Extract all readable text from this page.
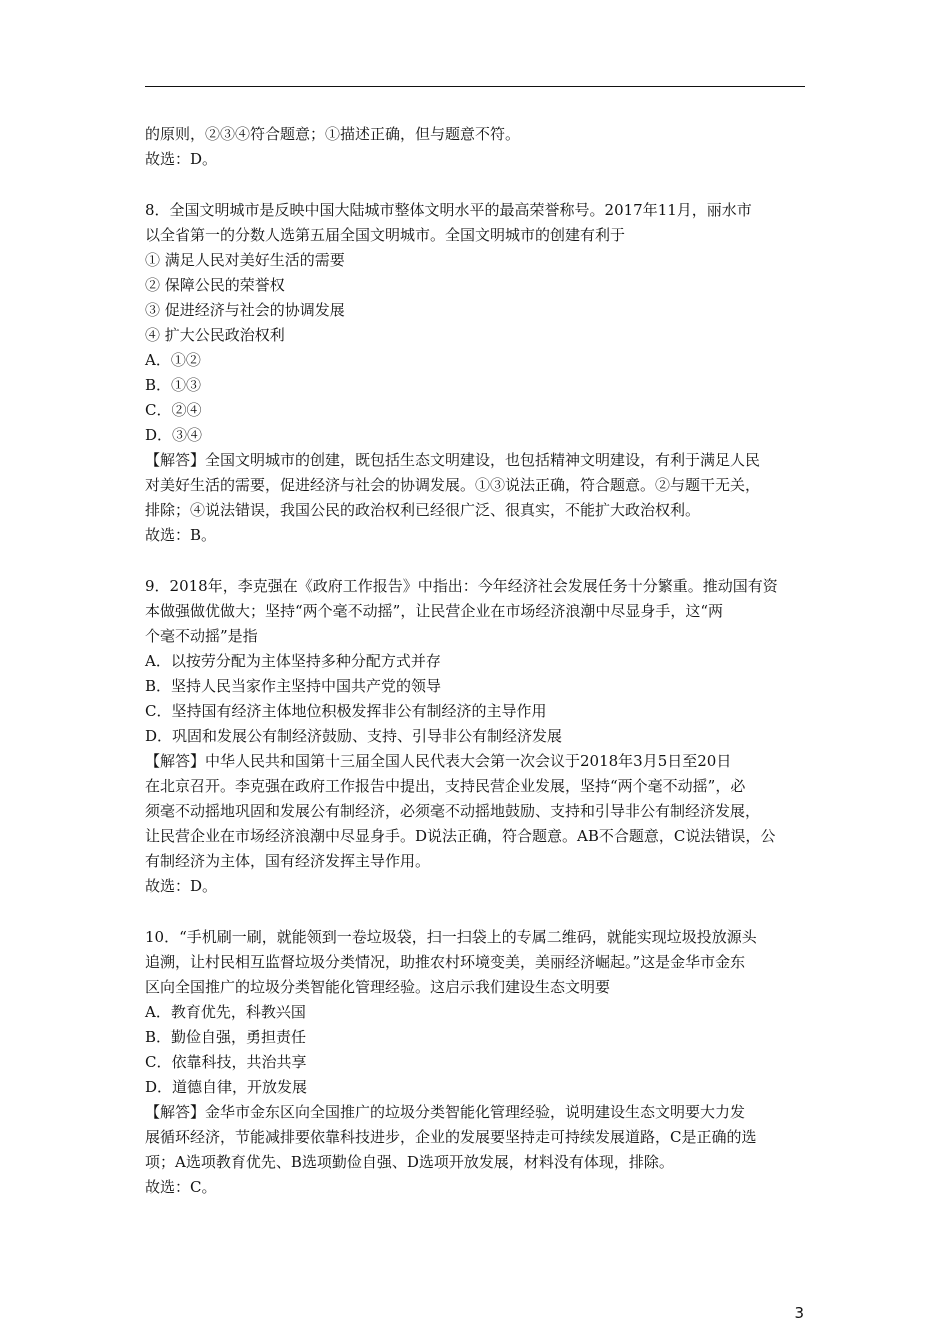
的原则，②③④符合题意；①描述正确，但与题意不符。
故选：D。
8．全国文明城市是反映中国大陆城市整体文明水平的最高荣誉称号。2017年11月，丽水市
以全省第一的分数人选第五届全国文明城市。全国文明城市的创建有利于
① 满足人民对美好生活的需要
② 保障公民的荣誉权
③ 促进经济与社会的协调发展
④ 扩大公民政治权利
A．①②
B．①③
C．②④
D．③④
【解答】全国文明城市的创建，既包括生态文明建设，也包括精神文明建设，有利于满足人民
对美好生活的需要，促进经济与社会的协调发展。①③说法正确，符合题意。②与题干无关，
排除；④说法错误，我国公民的政治权利已经很广泛、很真实，不能扩大政治权利。
故选：B。
9．2018年，李克强在《政府工作报告》中指出：今年经济社会发展任务十分繁重。推动国有资
本做强做优做大；坚持“两个毫不动摇”，让民营企业在市场经济浪潮中尽显身手，这“两
个毫不动摇”是指
A．以按劳分配为主体坚持多种分配方式并存
B．坚持人民当家作主坚持中国共产党的领导
C．坚持国有经济主体地位积极发挥非公有制经济的主导作用
D．巩固和发展公有制经济鼓励、支持、引导非公有制经济发展
【解答】中华人民共和国第十三届全国人民代表大会第一次会议于2018年3月5日至20日
在北京召开。李克强在政府工作报告中提出，支持民营企业发展，坚持“两个毫不动摇”，必
须毫不动摇地巩固和发展公有制经济，必须毫不动摇地鼓励、支持和引导非公有制经济发展，
让民营企业在市场经济浪潮中尽显身手。D说法正确，符合题意。AB不合题意，C说法错误，公
有制经济为主体，国有经济发挥主导作用。
故选：D。
10．“手机刷一刷，就能领到一卷垃圾袋，扫一扫袋上的专属二维码，就能实现垃圾投放源头
追溯，让村民相互监督垃圾分类情况，助推农村环境变美，美丽经济崛起。”这是金华市金东
区向全国推广的垃圾分类智能化管理经验。这启示我们建设生态文明要
A．教育优先，科教兴国
B．勤俭自强，勇担责任
C．依靠科技，共治共享
D．道德自律，开放发展
【解答】金华市金东区向全国推广的垃圾分类智能化管理经验，说明建设生态文明要大力发
展循环经济，节能减排要依靠科技进步，企业的发展要坚持走可持续发展道路，C是正确的选
项；A选项教育优先、B选项勤俭自强、D选项开放发展，材料没有体现，排除。
故选：C。
3
